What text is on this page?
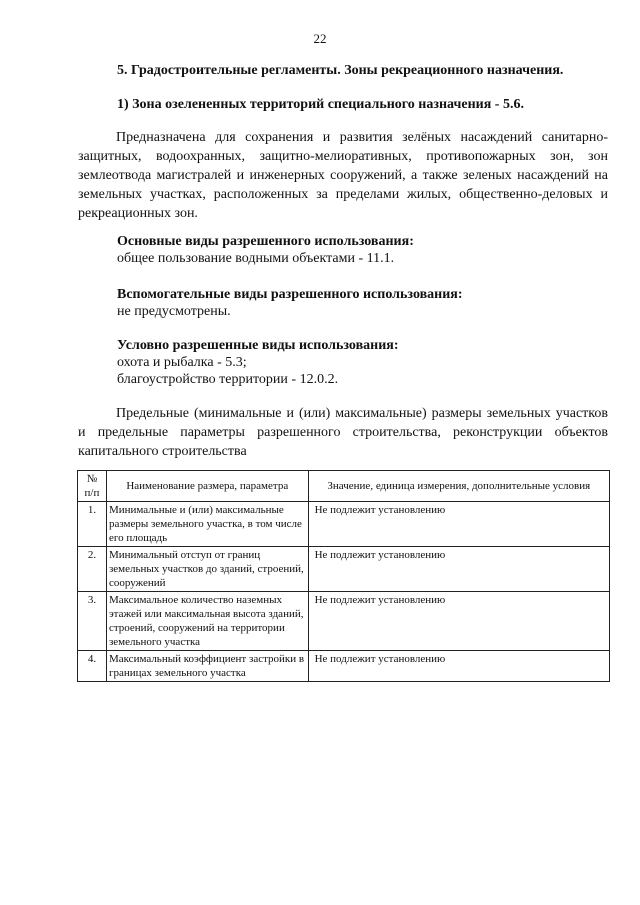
22
5. Градостроительные регламенты. Зоны рекреационного назначения.
1) Зона озелененных территорий специального назначения - 5.6.
Предназначена для сохранения и развития зелёных насаждений санитарно-защитных, водоохранных, защитно-мелиоративных, противопожарных зон, зон землеотвода магистралей и инженерных сооружений, а также зеленых насаждений на земельных участках, расположенных за пределами жилых, общественно-деловых и рекреационных зон.
Основные виды разрешенного использования:
общее пользование водными объектами - 11.1.
Вспомогательные виды разрешенного использования:
не предусмотрены.
Условно разрешенные виды использования:
охота и рыбалка - 5.3;
благоустройство территории - 12.0.2.
Предельные (минимальные и (или) максимальные) размеры земельных участков и предельные параметры разрешенного строительства, реконструкции объектов капитального строительства
№ п/п	Наименование размера, параметра	Значение, единица измерения, дополнительные условия
1.	Минимальные и (или) максимальные размеры земельного участка, в том числе его площадь	Не подлежит установлению
2.	Минимальный отступ от границ земельных участков до зданий, строений, сооружений	Не подлежит установлению
3.	Максимальное количество наземных этажей или максимальная высота зданий, строений, сооружений на территории земельного участка	Не подлежит установлению
4.	Максимальный коэффициент застройки в границах земельного участка	Не подлежит установлению
